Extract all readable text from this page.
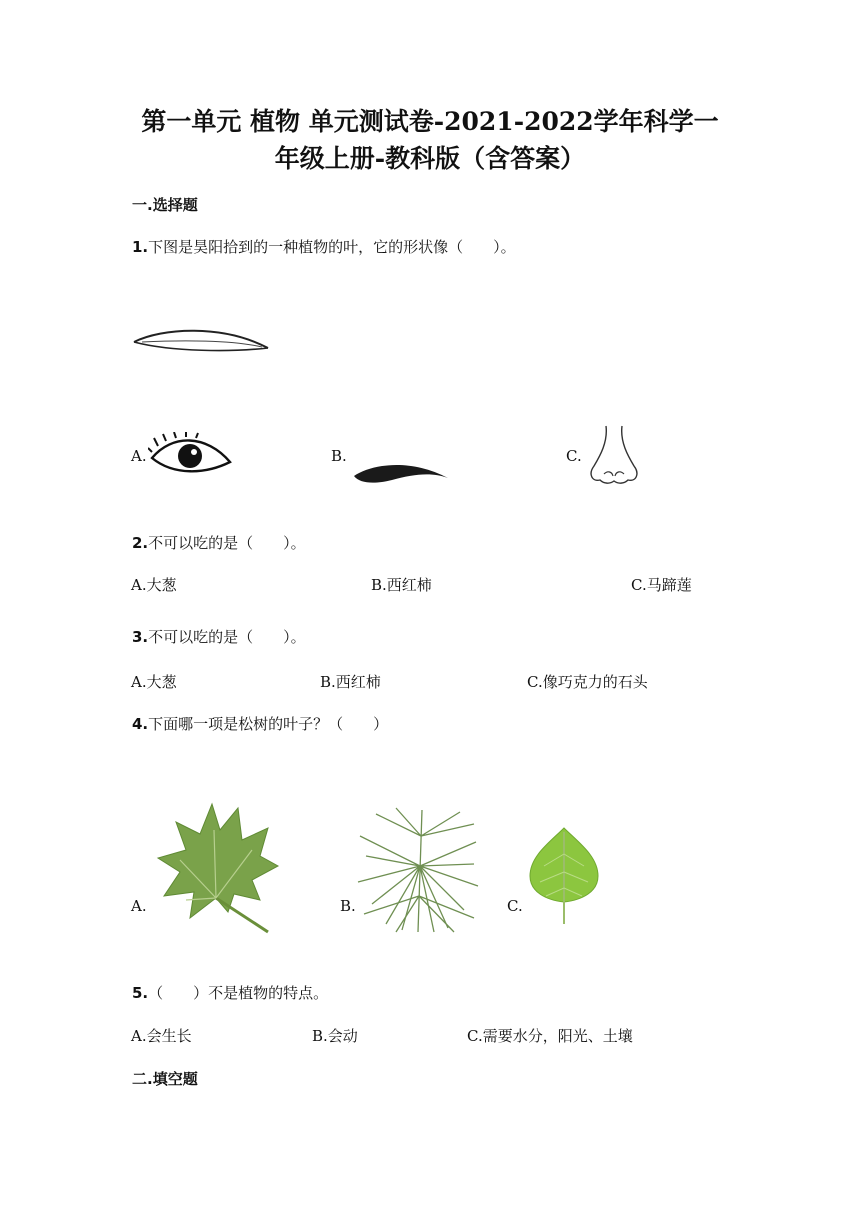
第一单元 植物 单元测试卷-2021-2022学年科学一
年级上册-教科版（含答案）
一.选择题
1.下图是昊阳拾到的一种植物的叶，它的形状像（　　）。
A.	B.	C.
2.不可以吃的是（　　）。
A.大葱	B.西红柿	C.马蹄莲
3.不可以吃的是（　　）。
A.大葱	B.西红柿	C.像巧克力的石头
4.下面哪一项是松树的叶子？（　　）
A.	B.	C.
5.（　　）不是植物的特点。
A.会生长	B.会动	C.需要水分，阳光、土壤
二.填空题
